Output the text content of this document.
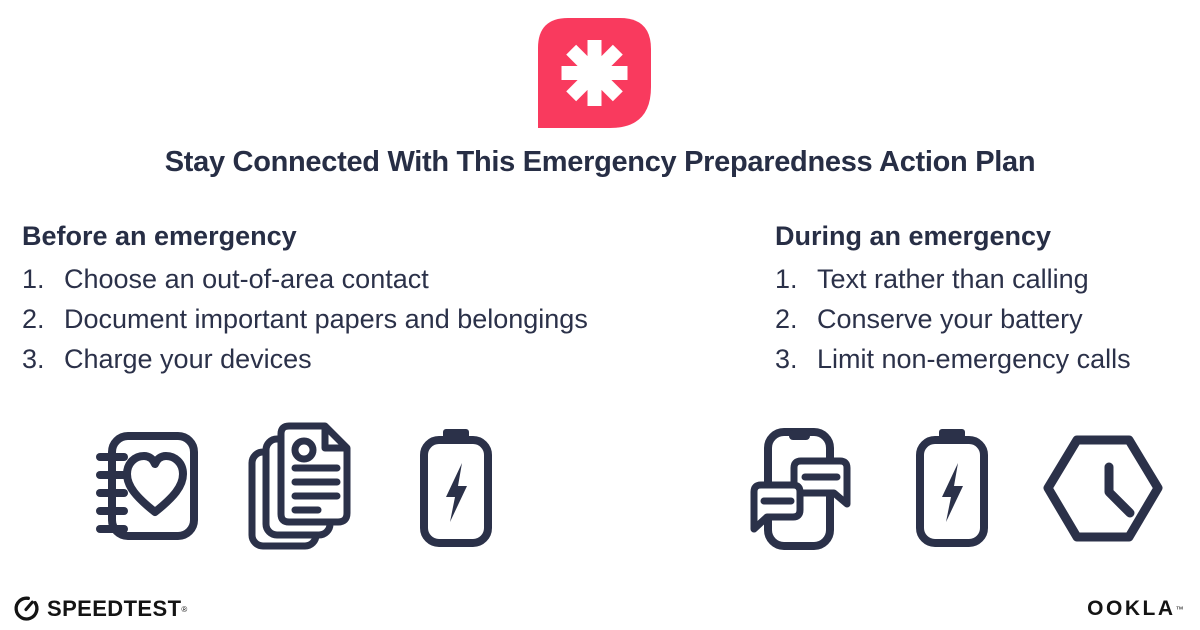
Stay Connected With This Emergency Preparedness Action Plan
Before an emergency
1. Choose an out-of-area contact
2. Document important papers and belongings
3. Charge your devices
During an emergency
1. Text rather than calling
2. Conserve your battery
3. Limit non-emergency calls
SPEEDTEST®	OOKLA™
